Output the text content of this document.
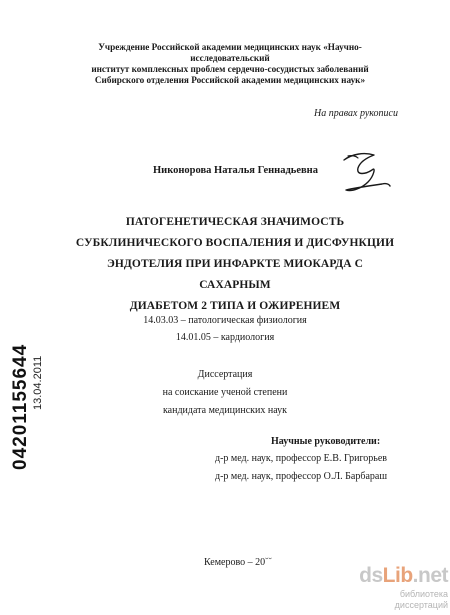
Учреждение Российской академии медицинских наук «Научно-исследовательский
институт комплексных проблем сердечно-сосудистых заболеваний
Сибирского отделения Российской академии медицинских наук»
На правах рукописи
Никонорова Наталья Геннадьевна
ПАТОГЕНЕТИЧЕСКАЯ ЗНАЧИМОСТЬ
СУБКЛИНИЧЕСКОГО ВОСПАЛЕНИЯ И ДИСФУНКЦИИ
ЭНДОТЕЛИЯ ПРИ ИНФАРКТЕ МИОКАРДА С САХАРНЫМ
ДИАБЕТОМ 2 ТИПА И ОЖИРЕНИЕМ
14.03.03 – патологическая физиология
14.01.05 – кардиология
Диссертация
на соискание ученой степени
кандидата медицинских наук
Научные руководители:
д-р мед. наук, профессор Е.В. Григорьев
д-р мед. наук, профессор О.Л. Барбараш
Кемерово – 20˘˘
04201155644 13.04.2011
dsLib.net
библиотека диссертаций
